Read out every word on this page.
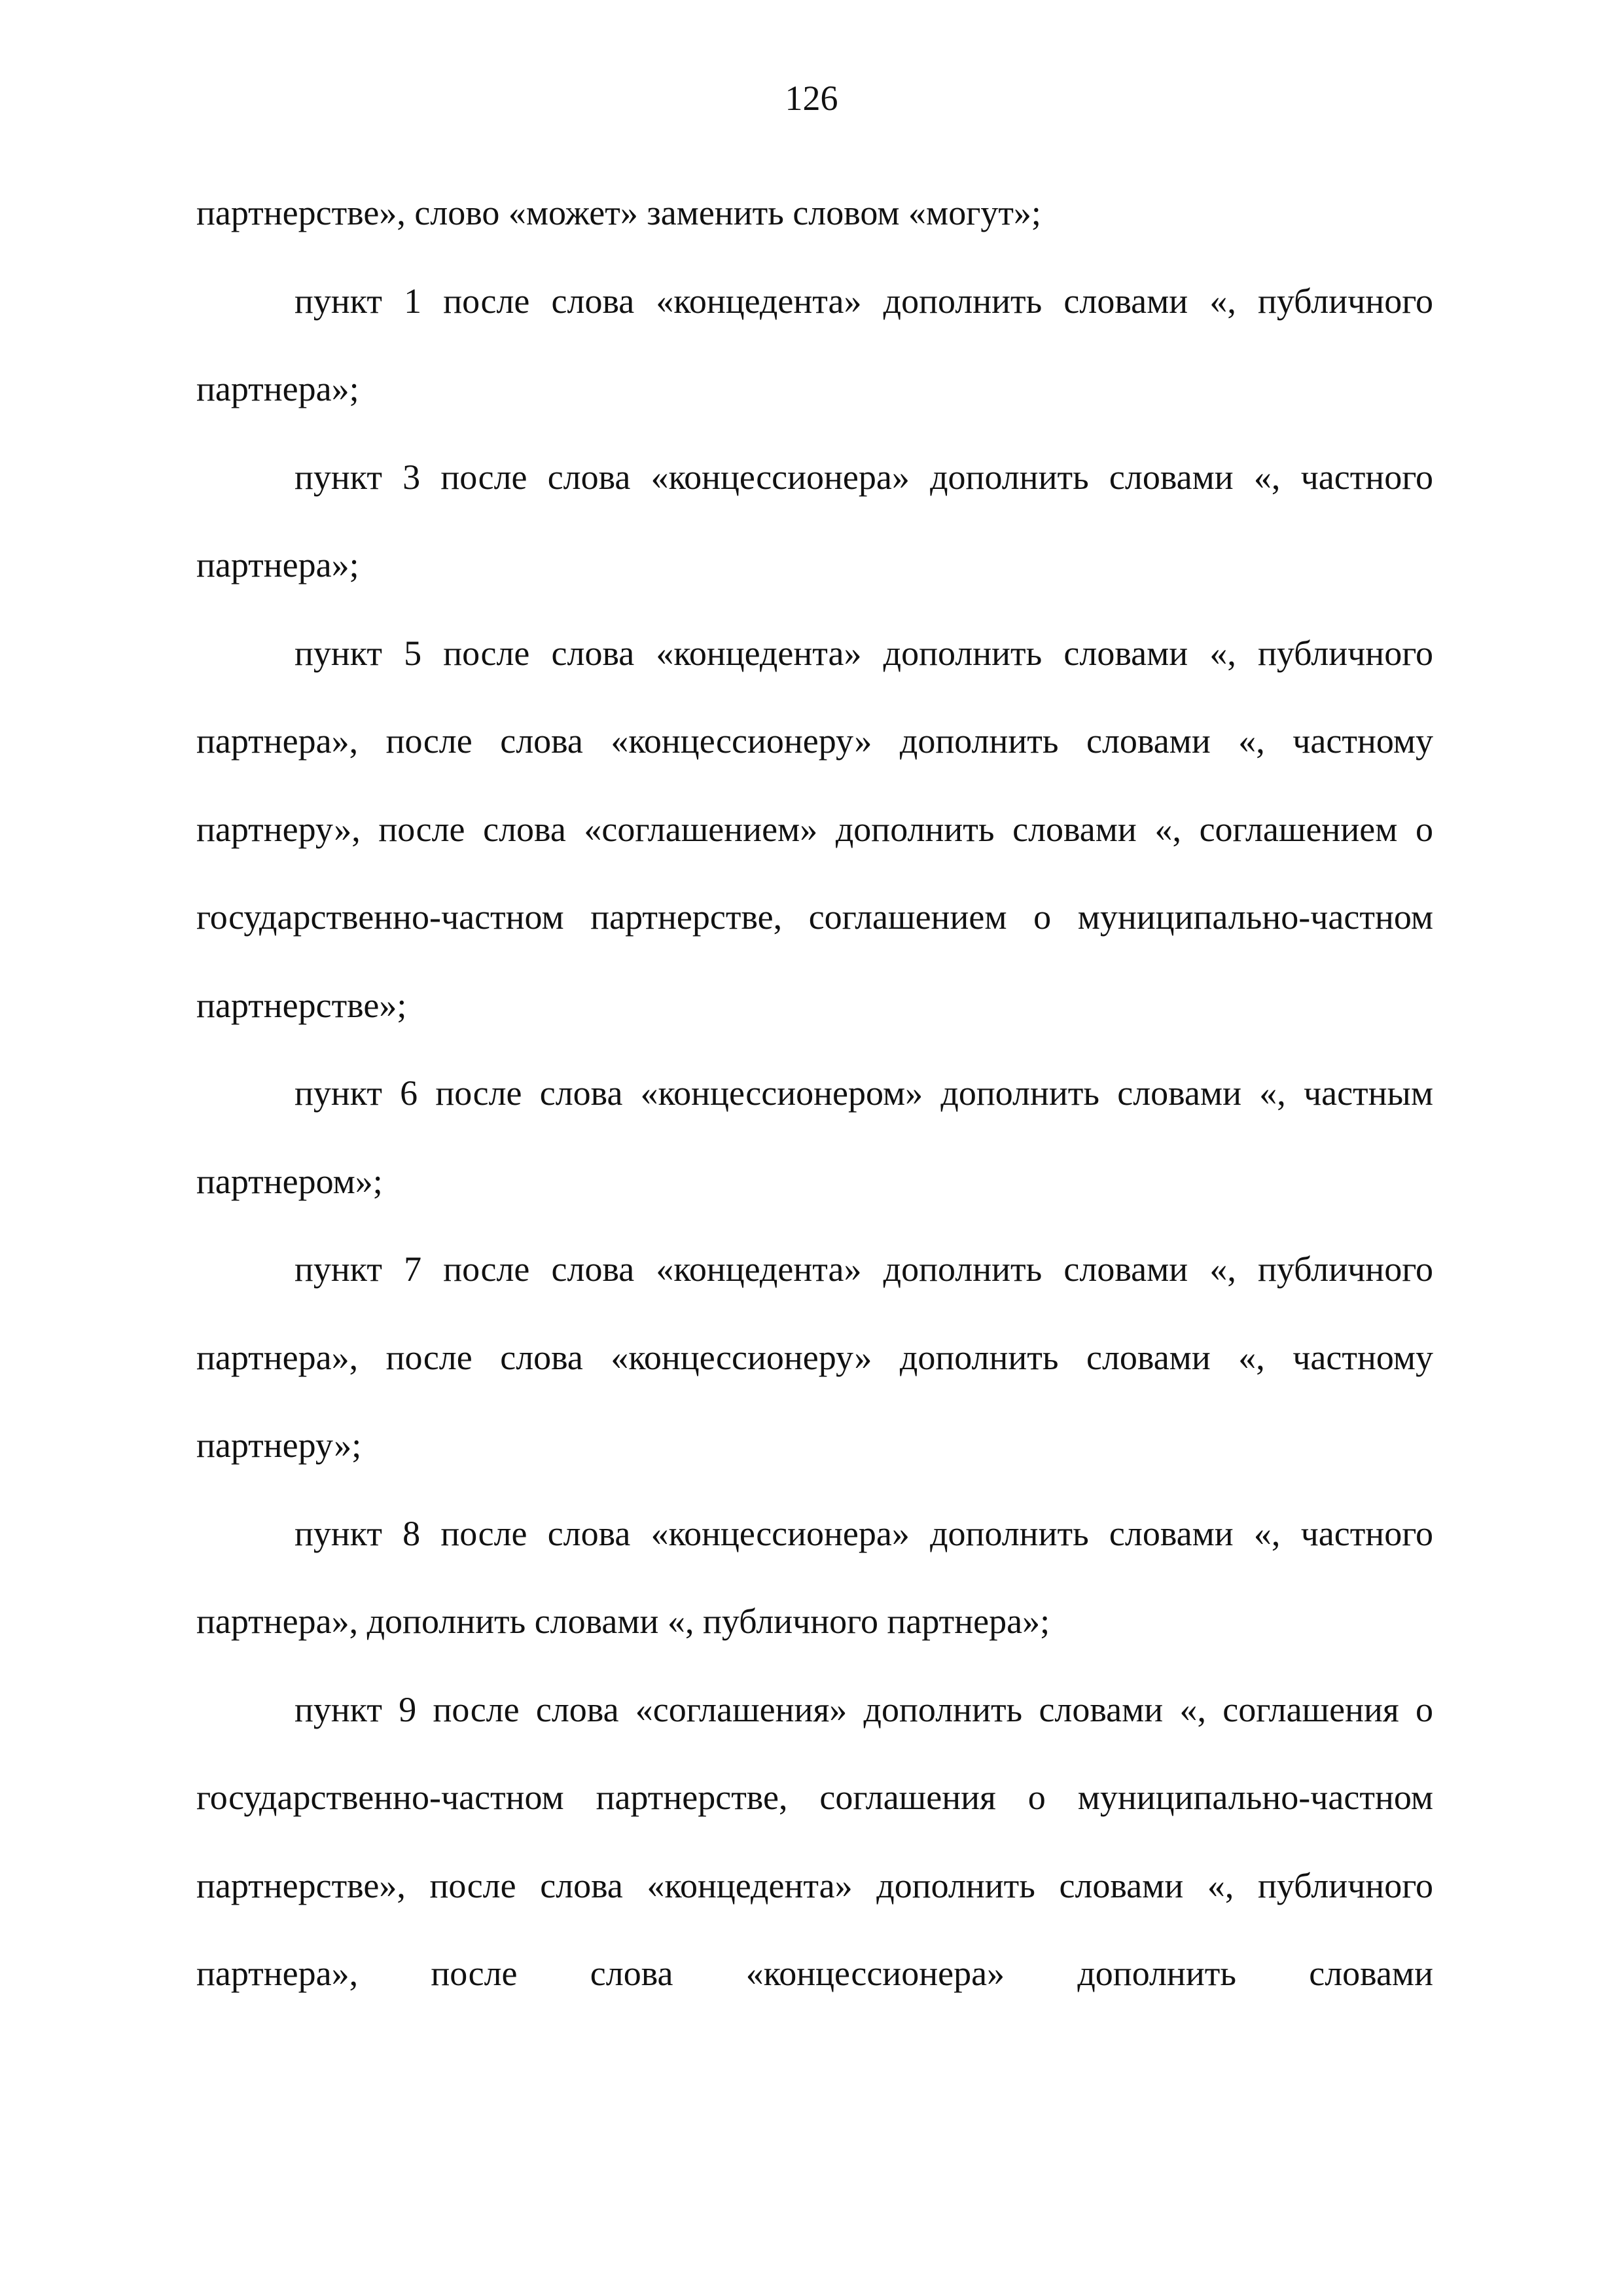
126

партнерстве», слово «может» заменить словом «могут»;

пункт 1 после слова «концедента» дополнить словами «, публичного партнера»;

пункт 3 после слова «концессионера» дополнить словами «, частного партнера»;

пункт 5 после слова «концедента» дополнить словами «, публичного партнера», после слова «концессионеру» дополнить словами «, частному партнеру», после слова «соглашением» дополнить словами «, соглашением о государственно-частном партнерстве, соглашением о муниципально-частном партнерстве»;

пункт 6 после слова «концессионером» дополнить словами «, частным партнером»;

пункт 7 после слова «концедента» дополнить словами «, публичного партнера», после слова «концессионеру» дополнить словами «, частному партнеру»;

пункт 8 после слова «концессионера» дополнить словами «, частного партнера», дополнить словами «, публичного партнера»;

пункт 9 после слова «соглашения» дополнить словами «, соглашения о государственно-частном партнерстве, соглашения о муниципально-частном партнерстве», после слова «концедента» дополнить словами «, публичного партнера», после слова «концессионера» дополнить словами
